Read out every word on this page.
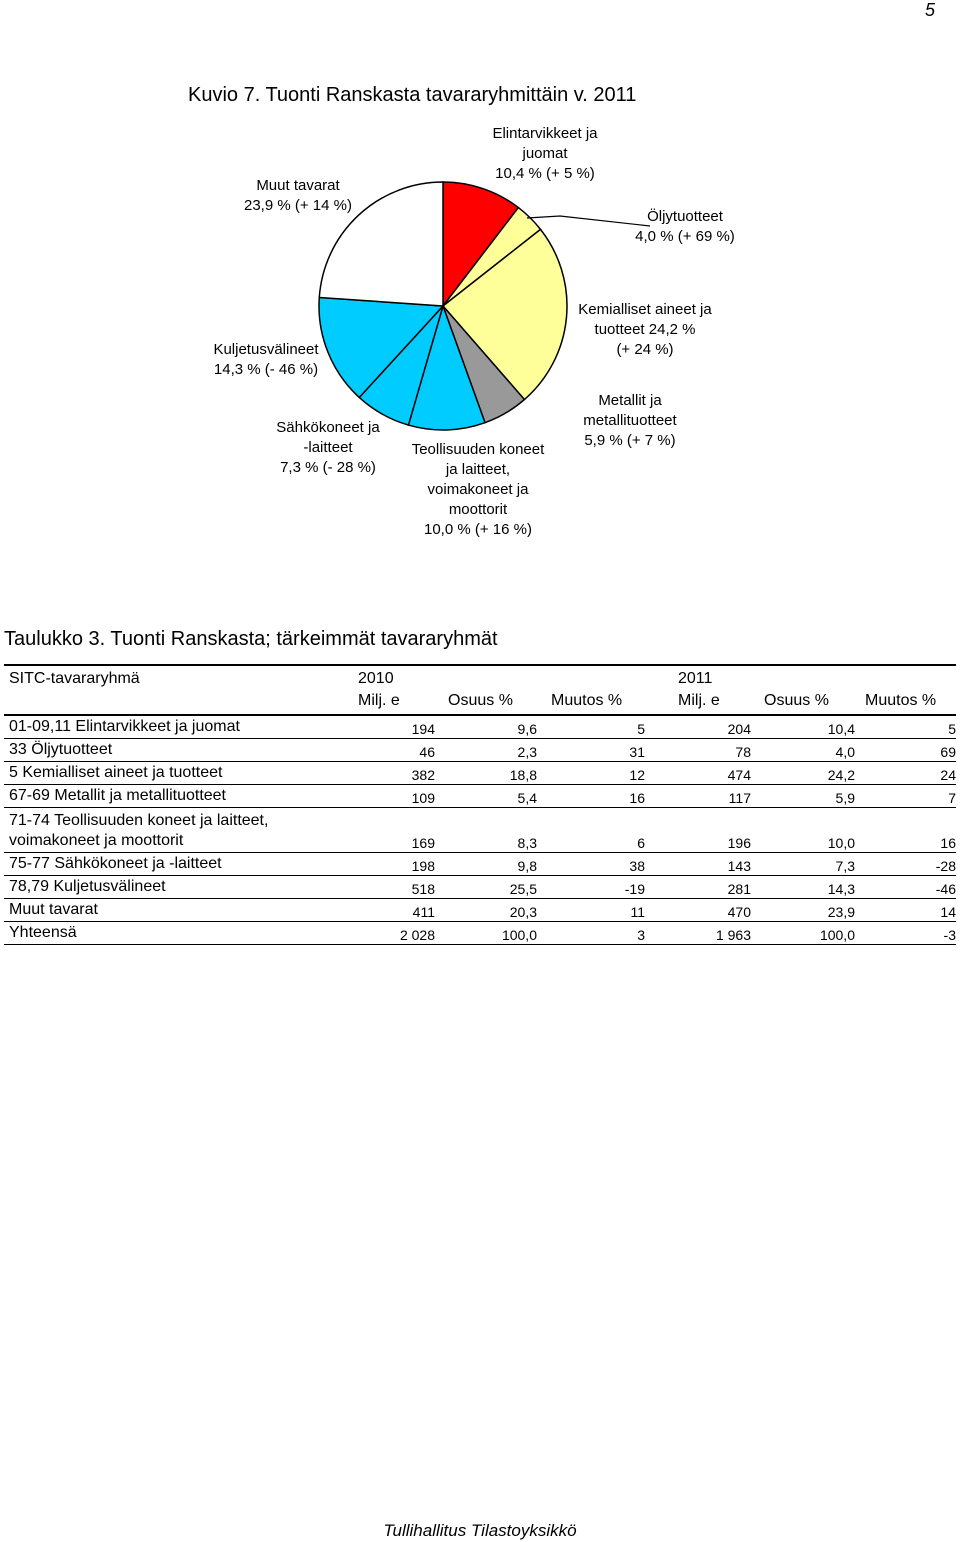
5
Kuvio 7. Tuonti Ranskasta tavararyhmittäin v. 2011
Elintarvikkeet ja
juomat
10,4 % (+ 5 %)
Öljytuotteet
4,0 % (+ 69 %)
Kemialliset aineet ja
tuotteet 24,2 %
(+ 24 %)
Metallit ja
metallituotteet
5,9 % (+ 7 %)
Teollisuuden koneet
ja laitteet,
voimakoneet ja
moottorit
10,0 % (+ 16 %)
Sähkökoneet ja
-laitteet
7,3 % (- 28 %)
Kuljetusvälineet
14,3 % (- 46 %)
Muut tavarat
23,9 % (+ 14 %)
Taulukko 3. Tuonti Ranskasta; tärkeimmät tavararyhmät
SITC-tavararyhmä	2010	2011
Milj. e	Osuus % Muutos %	Milj. e	Osuus % Muutos %
01-09,11 Elintarvikkeet ja juomat	194	9,6	5	204	10,4	5
33 Öljytuotteet	46	2,3	31	78	4,0	69
5 Kemialliset aineet ja tuotteet	382	18,8	12	474	24,2	24
67-69 Metallit ja metallituotteet	109	5,4	16	117	5,9	7
71-74 Teollisuuden koneet ja laitteet,
voimakoneet ja moottorit	169	8,3	6	196	10,0	16
75-77 Sähkökoneet ja -laitteet	198	9,8	38	143	7,3	-28
78,79 Kuljetusvälineet	518	25,5	-19	281	14,3	-46
Muut tavarat	411	20,3	11	470	23,9	14
Yhteensä	2 028	100,0	3	1 963	100,0	-3
Tullihallitus Tilastoyksikkö
